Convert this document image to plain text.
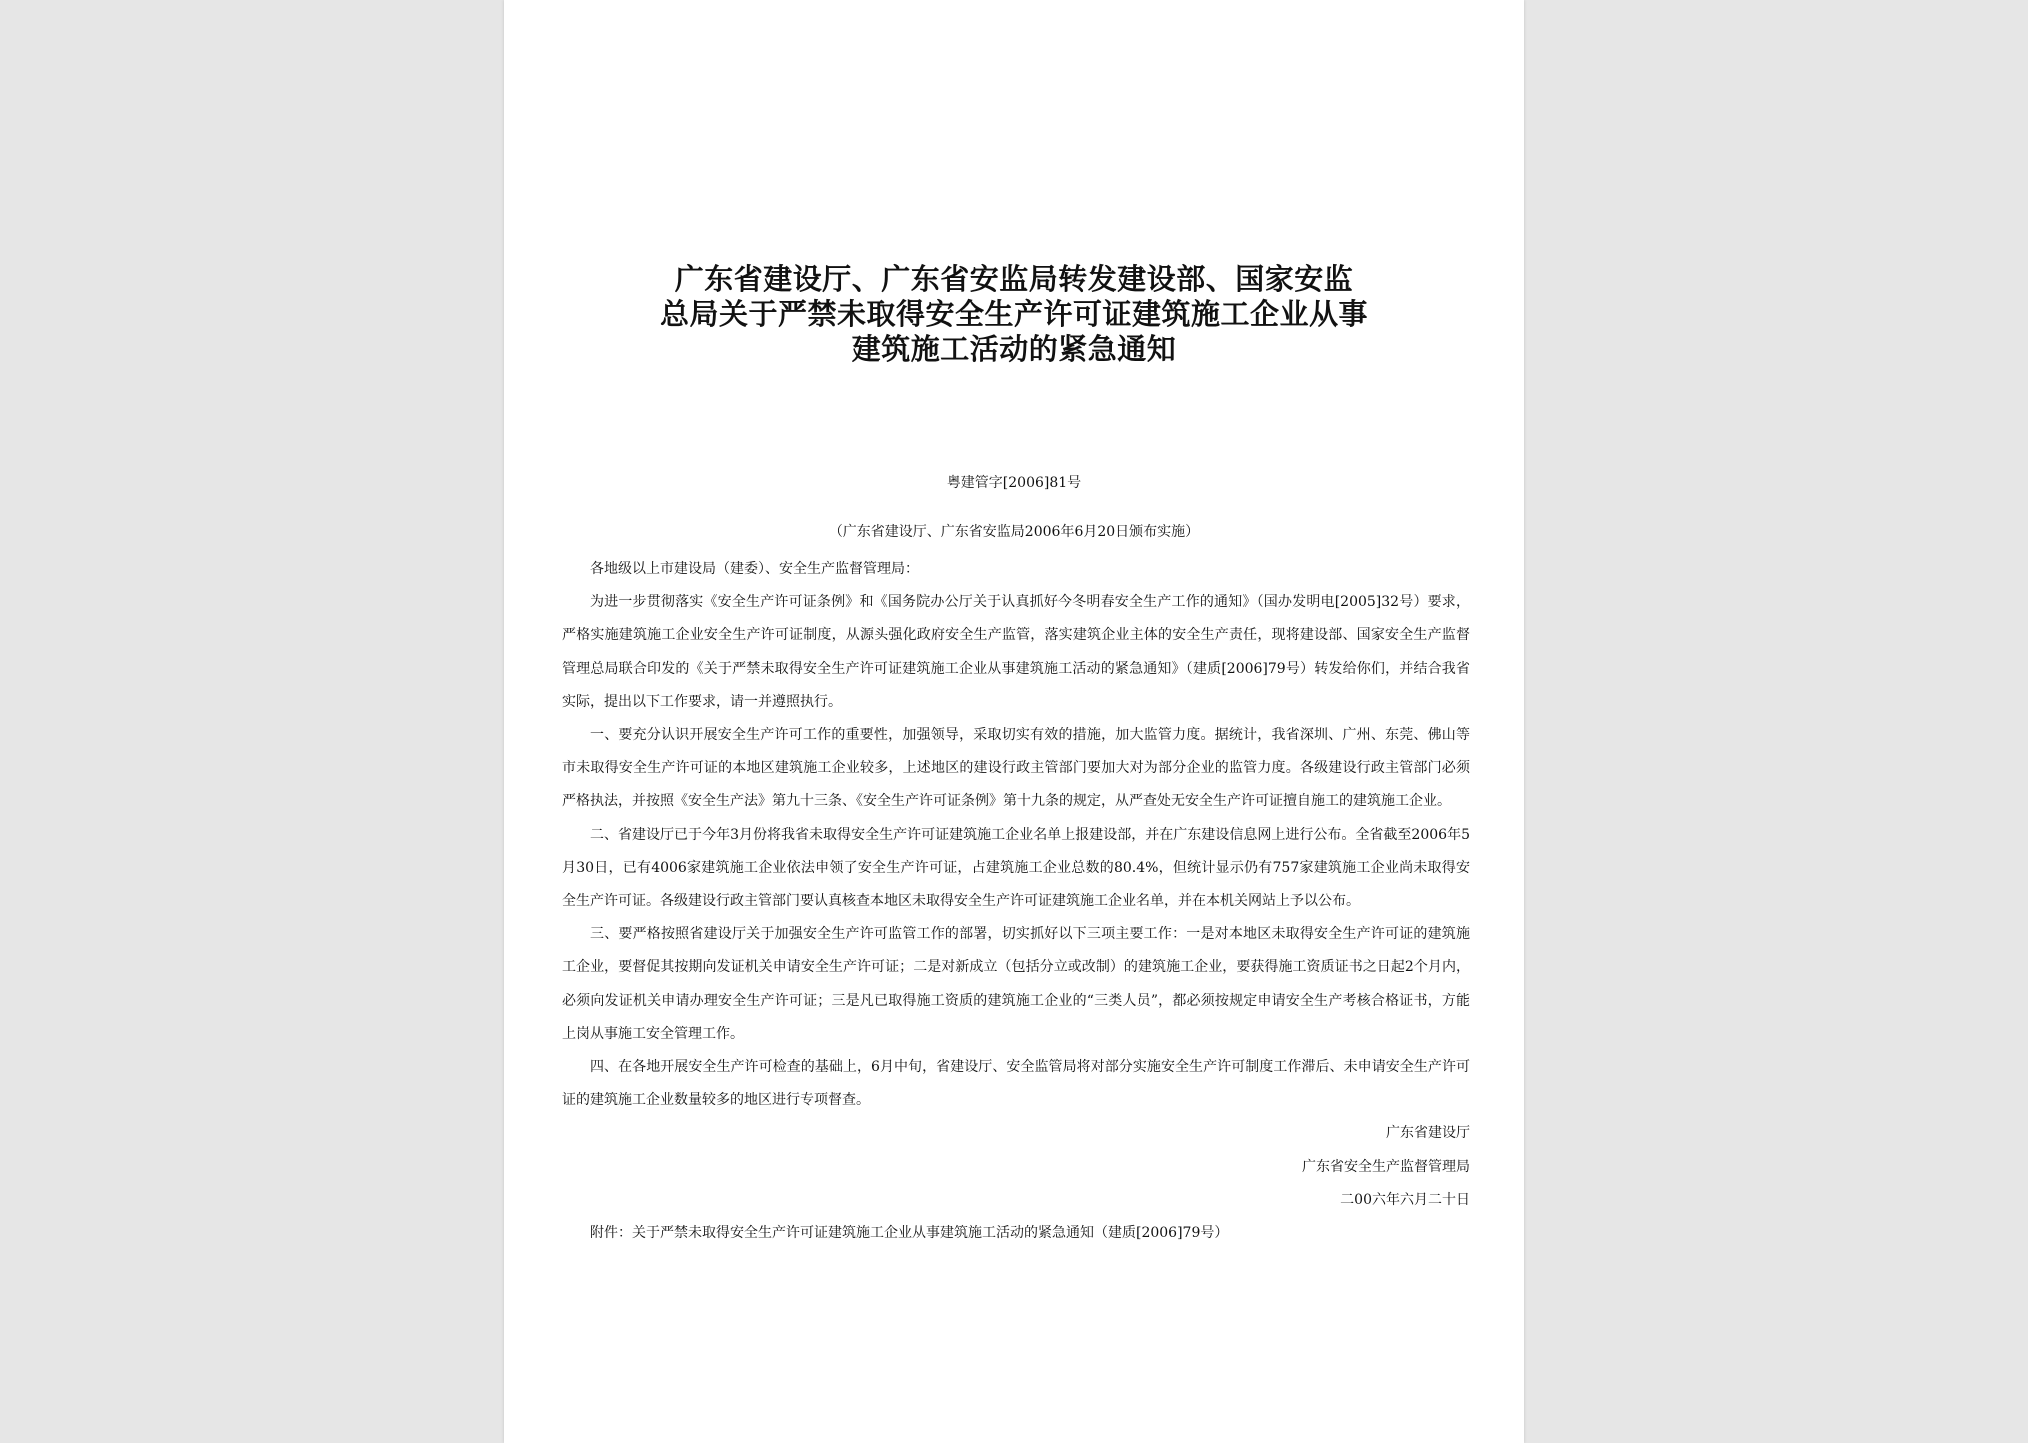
广东省建设厅、广东省安监局转发建设部、国家安监
总局关于严禁未取得安全生产许可证建筑施工企业从事
建筑施工活动的紧急通知
粤建管字[2006]81号
（广东省建设厅、广东省安监局2006年6月20日颁布实施）

各地级以上市建设局（建委）、安全生产监督管理局：

为进一步贯彻落实《安全生产许可证条例》和《国务院办公厅关于认真抓好今冬明春安全生产工作的通知》（国办发明电[2005]32号）要求，严格实施建筑施工企业安全生产许可证制度，从源头强化政府安全生产监管，落实建筑企业主体的安全生产责任，现将建设部、国家安全生产监督管理总局联合印发的《关于严禁未取得安全生产许可证建筑施工企业从事建筑施工活动的紧急通知》（建质[2006]79号）转发给你们，并结合我省实际，提出以下工作要求，请一并遵照执行。

一、要充分认识开展安全生产许可工作的重要性，加强领导，采取切实有效的措施，加大监管力度。据统计，我省深圳、广州、东莞、佛山等市未取得安全生产许可证的本地区建筑施工企业较多，上述地区的建设行政主管部门要加大对为部分企业的监管力度。各级建设行政主管部门必须严格执法，并按照《安全生产法》第九十三条、《安全生产许可证条例》第十九条的规定，从严查处无安全生产许可证擅自施工的建筑施工企业。

二、省建设厅已于今年3月份将我省未取得安全生产许可证建筑施工企业名单上报建设部，并在广东建设信息网上进行公布。全省截至2006年5月30日，已有4006家建筑施工企业依法申领了安全生产许可证，占建筑施工企业总数的80.4%，但统计显示仍有757家建筑施工企业尚未取得安全生产许可证。各级建设行政主管部门要认真核查本地区未取得安全生产许可证建筑施工企业名单，并在本机关网站上予以公布。

三、要严格按照省建设厅关于加强安全生产许可监管工作的部署，切实抓好以下三项主要工作：一是对本地区未取得安全生产许可证的建筑施工企业，要督促其按期向发证机关申请安全生产许可证；二是对新成立（包括分立或改制）的建筑施工企业，要获得施工资质证书之日起2个月内，必须向发证机关申请办理安全生产许可证；三是凡已取得施工资质的建筑施工企业的“三类人员”，都必须按规定申请安全生产考核合格证书，方能上岗从事施工安全管理工作。

四、在各地开展安全生产许可检查的基础上，6月中旬，省建设厅、安全监管局将对部分实施安全生产许可制度工作滞后、未申请安全生产许可证的建筑施工企业数量较多的地区进行专项督查。

广东省建设厅

广东省安全生产监督管理局

二00六年六月二十日

附件：关于严禁未取得安全生产许可证建筑施工企业从事建筑施工活动的紧急通知（建质[2006]79号）
